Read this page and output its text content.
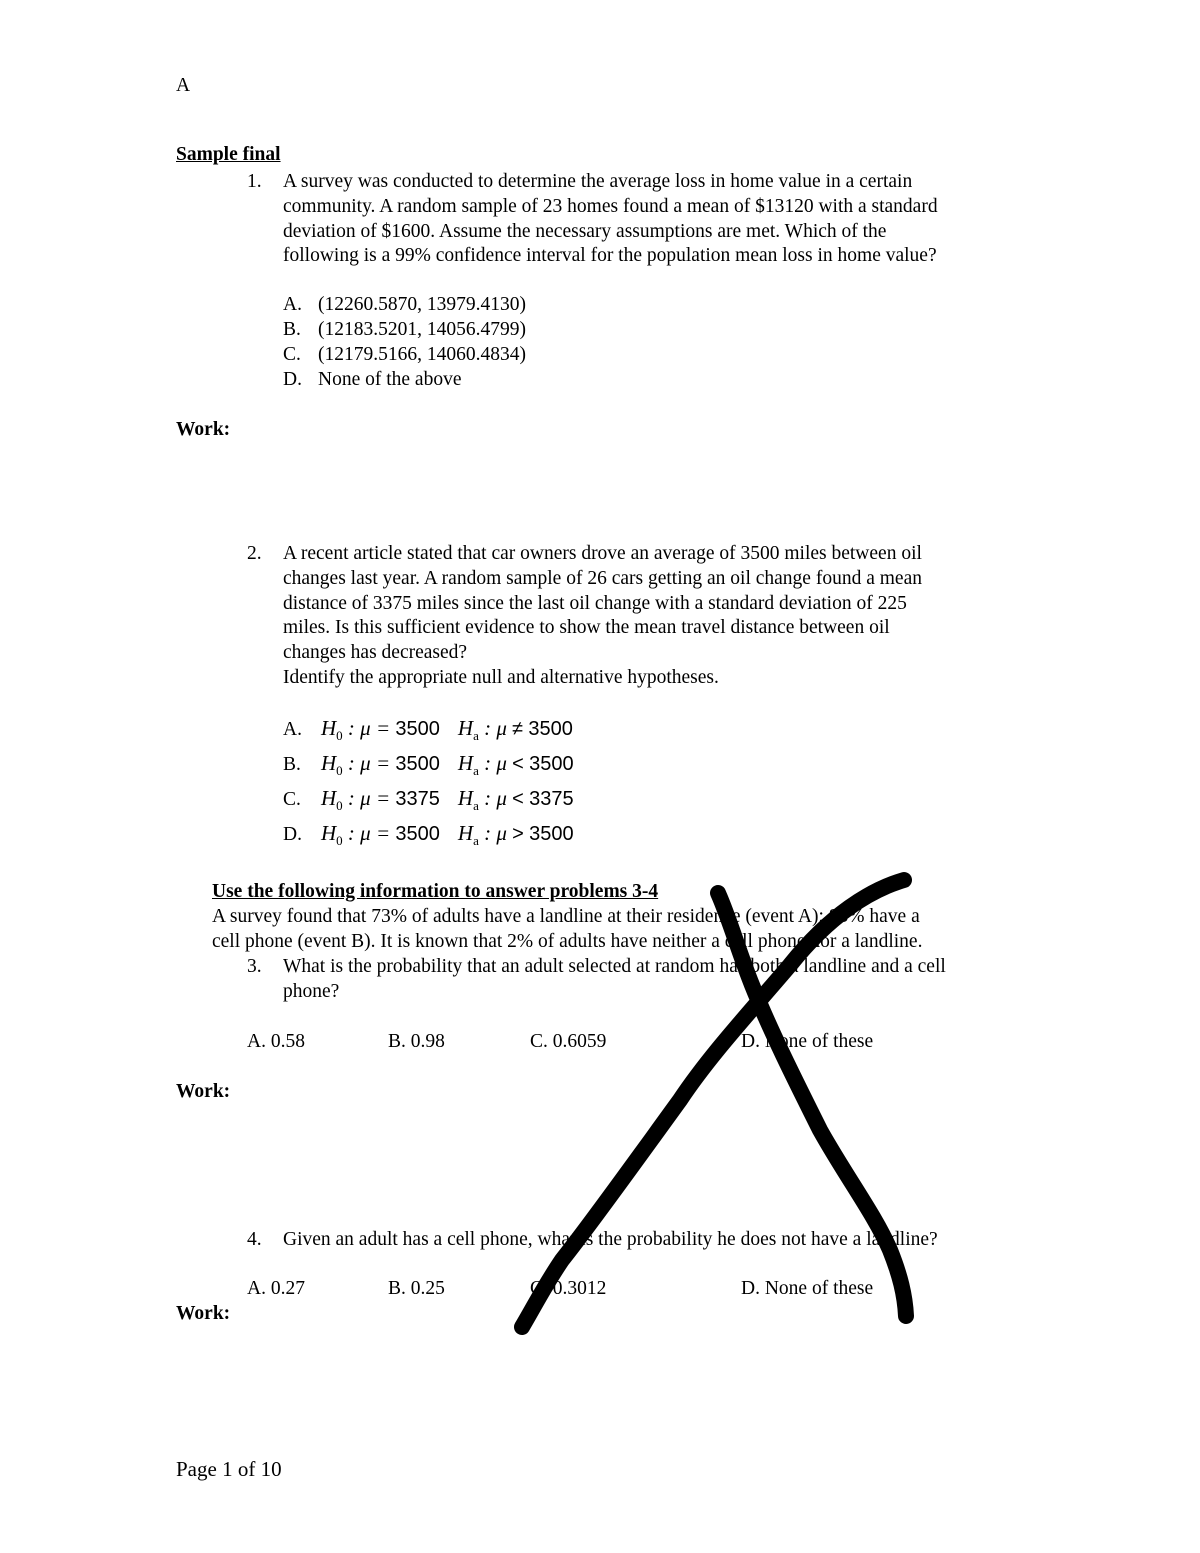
A
Sample final
1. A survey was conducted to determine the average loss in home value in a certain
community. A random sample of 23 homes found a mean of $13120 with a standard
deviation of $1600. Assume the necessary assumptions are met. Which of the
following is a 99% confidence interval for the population mean loss in home value?
A. (12260.5870, 13979.4130)
B. (12183.5201, 14056.4799)
C. (12179.5166, 14060.4834)
D. None of the above
Work:
2. A recent article stated that car owners drove an average of 3500 miles between oil
changes last year. A random sample of 26 cars getting an oil change found a mean
distance of 3375 miles since the last oil change with a standard deviation of 225
miles. Is this sufficient evidence to show the mean travel distance between oil
changes has decreased?
Identify the appropriate null and alternative hypotheses.
A. $H_0$ : μ = 3500 $H_a$ : μ ≠ 3500
B. $H_0$ : μ = 3500 $H_a$ : μ < 3500
C. $H_0$ : μ = 3375 $H_a$ : μ < 3375
D. $H_0$ : μ = 3500 $H_a$ : μ > 3500
Use the following information to answer problems 3-4
A survey found that 73% of adults have a landline at their residence (event A); 83% have a
cell phone (event B). It is known that 2% of adults have neither a cell phone nor a landline.
3. What is the probability that an adult selected at random has both a landline and a cell
phone?
A. 0.58	B. 0.98	C. 0.6059	D. None of these
Work:
4. Given an adult has a cell phone, what is the probability he does not have a landline?
A. 0.27	B. 0.25	C. 0.3012	D. None of these
Work:
Page 1 of 10
